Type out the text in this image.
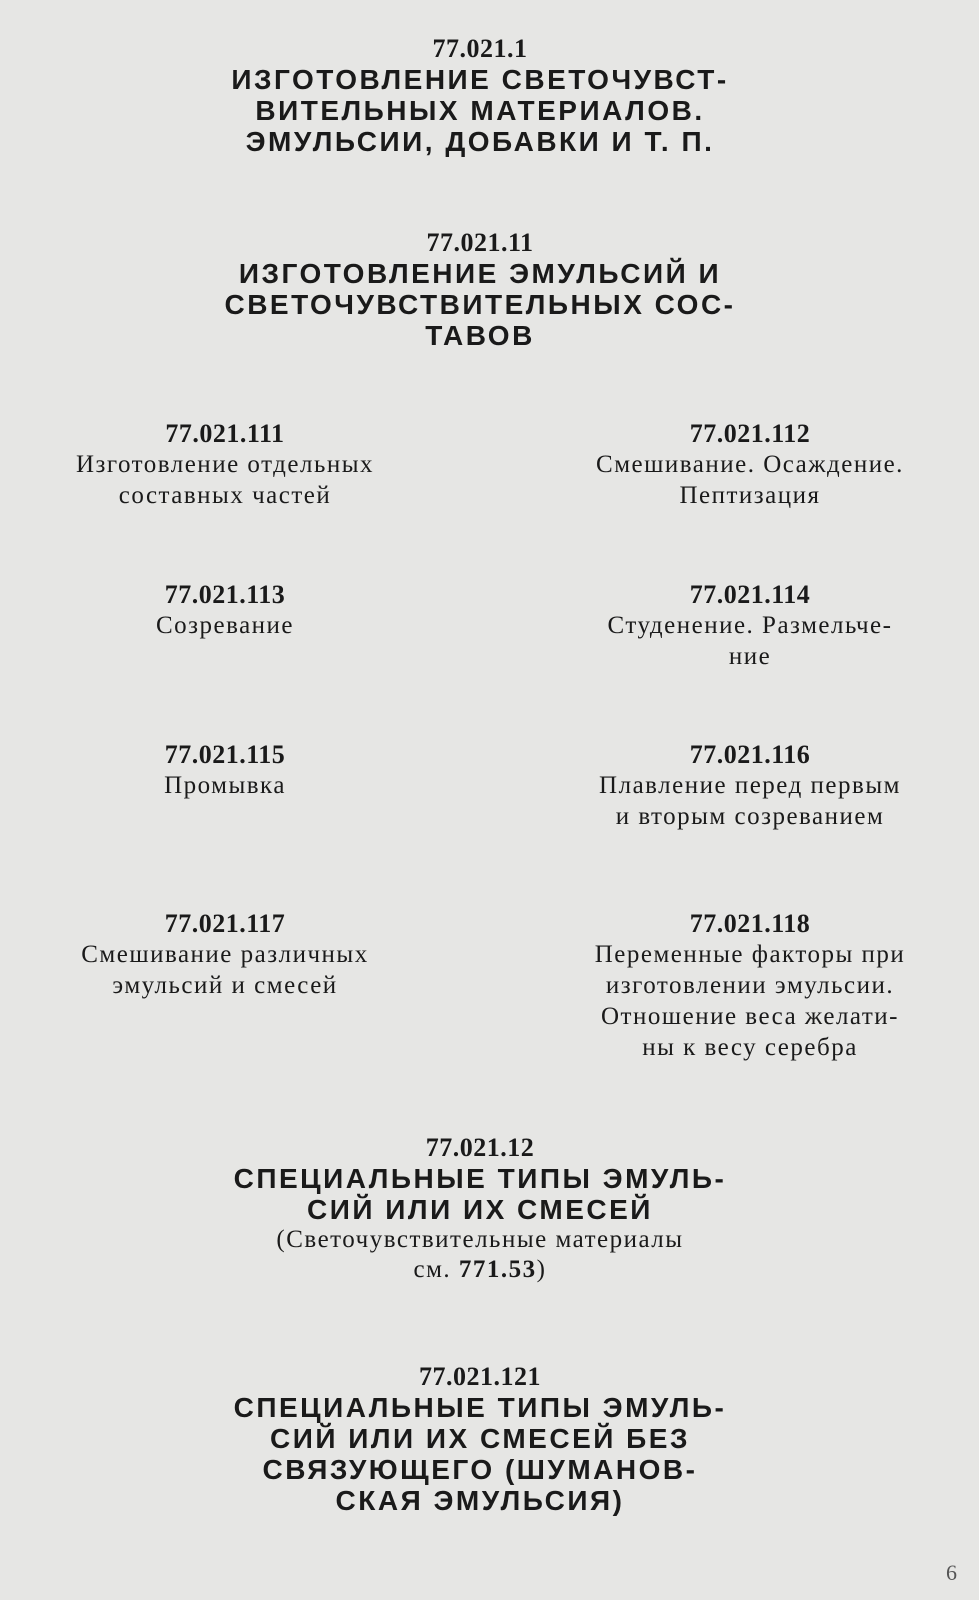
77.021.1
ИЗГОТОВЛЕНИЕ СВЕТОЧУВСТ-
ВИТЕЛЬНЫХ МАТЕРИАЛОВ.
ЭМУЛЬСИИ, ДОБАВКИ И Т. П.
77.021.11
ИЗГОТОВЛЕНИЕ ЭМУЛЬСИЙ И
СВЕТОЧУВСТВИТЕЛЬНЫХ СОС-
ТАВОВ
77.021.111
Изготовление отдельных
составных частей
77.021.112
Смешивание. Осаждение.
Пептизация
77.021.113
Созревание
77.021.114
Студенение. Размельче-
ние
77.021.115
Промывка
77.021.116
Плавление перед первым
и вторым созреванием
77.021.117
Смешивание различных
эмульсий и смесей
77.021.118
Переменные факторы при
изготовлении эмульсии.
Отношение веса желати-
ны к весу серебра
77.021.12
СПЕЦИАЛЬНЫЕ ТИПЫ ЭМУЛЬ-
СИЙ ИЛИ ИХ СМЕСЕЙ
(Светочувствительные материалы
см. 771.53)
77.021.121
СПЕЦИАЛЬНЫЕ ТИПЫ ЭМУЛЬ-
СИЙ ИЛИ ИХ СМЕСЕЙ БЕЗ
СВЯЗУЮЩЕГО (ШУМАНОВ-
СКАЯ ЭМУЛЬСИЯ)
6
